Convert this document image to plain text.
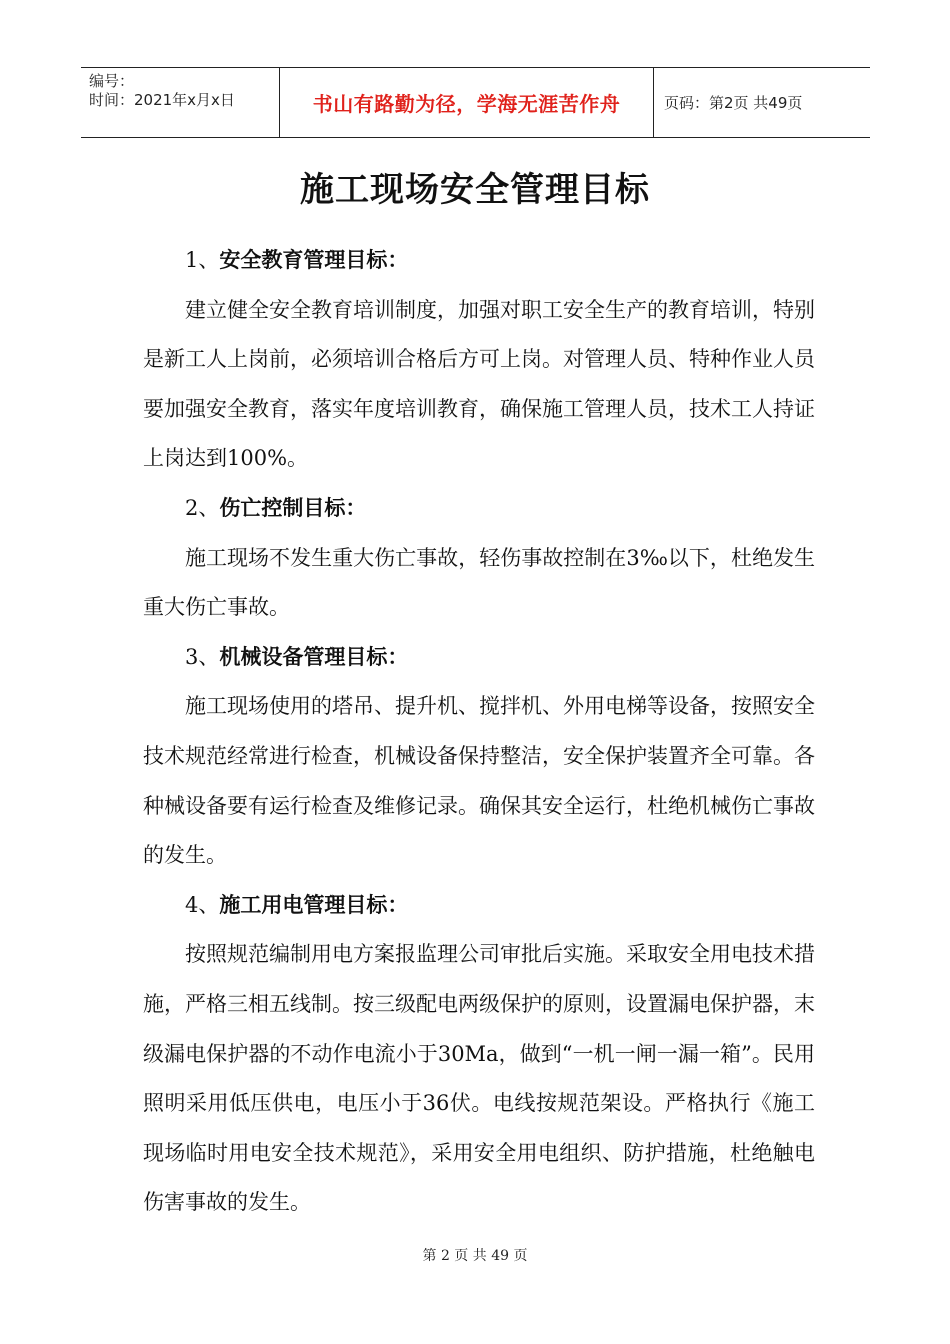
编号：
时间：2021年x月x日	书山有路勤为径，学海无涯苦作舟	页码：第2页 共49页
施工现场安全管理目标

1、安全教育管理目标：

建立健全安全教育培训制度，加强对职工安全生产的教育培训，特别是新工人上岗前，必须培训合格后方可上岗。对管理人员、特种作业人员要加强安全教育，落实年度培训教育，确保施工管理人员，技术工人持证上岗达到100%。

2、伤亡控制目标：

施工现场不发生重大伤亡事故，轻伤事故控制在3‰以下，杜绝发生重大伤亡事故。

3、机械设备管理目标：

施工现场使用的塔吊、提升机、搅拌机、外用电梯等设备，按照安全技术规范经常进行检查，机械设备保持整洁，安全保护装置齐全可靠。各种械设备要有运行检查及维修记录。确保其安全运行，杜绝机械伤亡事故的发生。

4、施工用电管理目标：

按照规范编制用电方案报监理公司审批后实施。采取安全用电技术措施，严格三相五线制。按三级配电两级保护的原则，设置漏电保护器，末级漏电保护器的不动作电流小于30Ma，做到“一机一闸一漏一箱”。民用照明采用低压供电，电压小于36伏。电线按规范架设。严格执行《施工现场临时用电安全技术规范》，采用安全用电组织、防护措施，杜绝触电伤害事故的发生。

第 2 页 共 49 页
